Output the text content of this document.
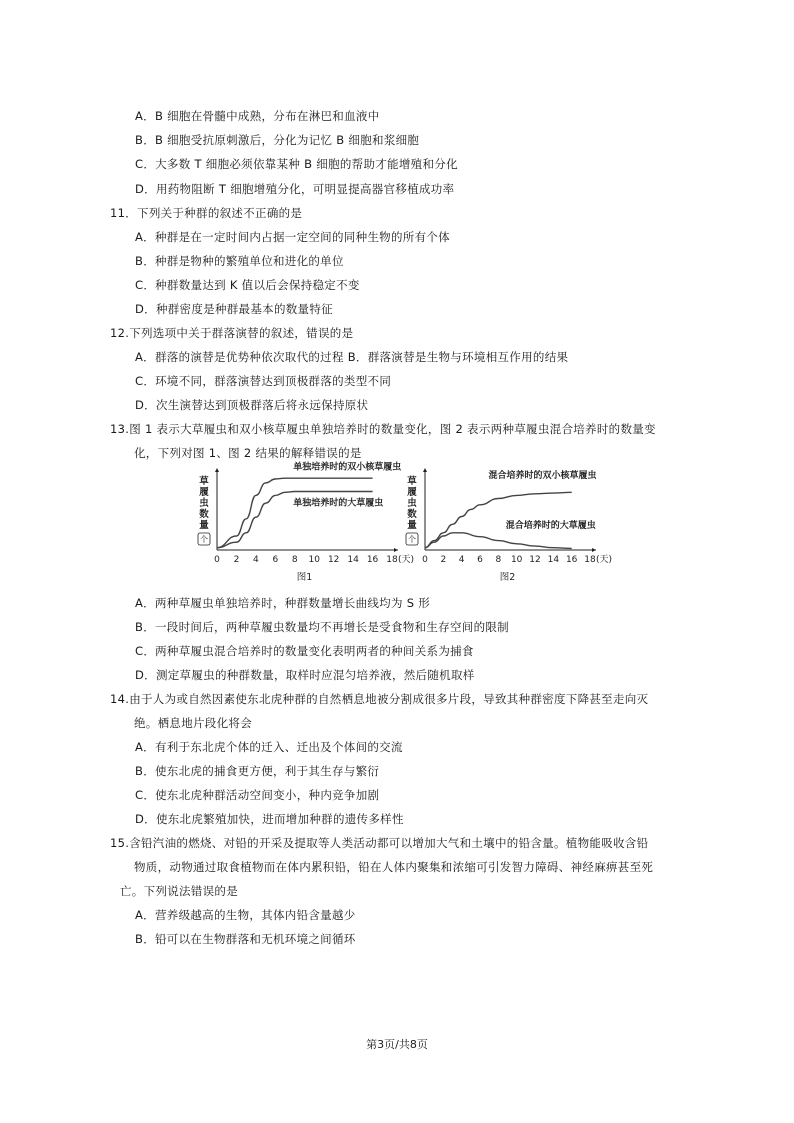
A．B 细胞在骨髓中成熟，分布在淋巴和血液中
B．B 细胞受抗原刺激后，分化为记忆 B 细胞和浆细胞
C．大多数 T 细胞必须依靠某种 B 细胞的帮助才能增殖和分化
D．用药物阻断 T 细胞增殖分化，可明显提高器官移植成功率
11．下列关于种群的叙述不正确的是
A．种群是在一定时间内占据一定空间的同种生物的所有个体
B．种群是物种的繁殖单位和进化的单位
C．种群数量达到 K 值以后会保持稳定不变
D．种群密度是种群最基本的数量特征
12.下列选项中关于群落演替的叙述，错误的是
A．群落的演替是优势种依次取代的过程 B．群落演替是生物与环境相互作用的结果
C．环境不同，群落演替达到顶极群落的类型不同
D．次生演替达到顶极群落后将永远保持原状
13.图 1 表示大草履虫和双小核草履虫单独培养时的数量变化，图 2 表示两种草履虫混合培养时的数量变
化，下列对图 1、图 2 结果的解释错误的是
草履虫数量
个
0 2 4 6 8 10 12 14 16 18 (天)
图1
单独培养时的双小核草履虫
单独培养时的大草履虫
草履虫数量
个
0 2 4 6 8 10 12 14 16 18 (天)
图2
混合培养时的双小核草履虫
混合培养时的大草履虫
A．两种草履虫单独培养时，种群数量增长曲线均为 S 形
B．一段时间后，两种草履虫数量均不再增长是受食物和生存空间的限制
C．两种草履虫混合培养时的数量变化表明两者的种间关系为捕食
D．测定草履虫的种群数量，取样时应混匀培养液，然后随机取样
14.由于人为或自然因素使东北虎种群的自然栖息地被分割成很多片段，导致其种群密度下降甚至走向灭
绝。栖息地片段化将会
A．有利于东北虎个体的迁入、迁出及个体间的交流
B．使东北虎的捕食更方便，利于其生存与繁衍
C．使东北虎种群活动空间变小，种内竞争加剧
D．使东北虎繁殖加快，进而增加种群的遗传多样性
15.含铅汽油的燃烧、对铅的开采及提取等人类活动都可以增加大气和土壤中的铅含量。植物能吸收含铅
物质，动物通过取食植物而在体内累积铅，铅在人体内聚集和浓缩可引发智力障碍、神经麻痹甚至死
亡。下列说法错误的是
A．营养级越高的生物，其体内铅含量越少
B．铅可以在生物群落和无机环境之间循环
第3页/共8页
